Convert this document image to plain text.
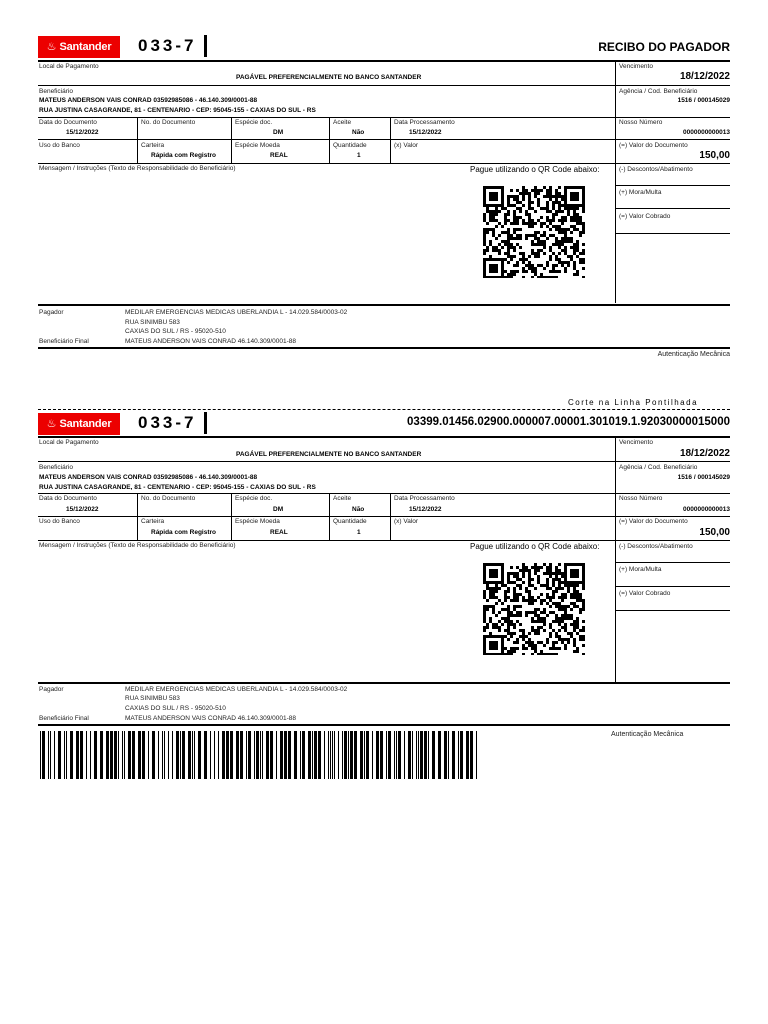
♨ Santander 033-7	RECIBO DO PAGADOR
Local de Pagamento
PAGÁVEL PREFERENCIALMENTE NO BANCO SANTANDER
Vencimento
18/12/2022
Beneficiário
MATEUS ANDERSON VAIS CONRAD 03592985086 - 46.140.309/0001-88
RUA JUSTINA CASAGRANDE, 81 - CENTENARIO - CEP: 95045-155 - CAXIAS DO SUL - RS
Agência / Cod. Beneficiário
1516 / 000145029
Data do Documento
15/12/2022
No. do Documento	Espécie doc.
DM
Aceite
Não
Data Processamento
15/12/2022
Nosso Número
0000000000013
Uso do Banco	Carteira
Rápida com Registro
Espécie Moeda
REAL
Quantidade
1
(x) Valor	(=) Valor do Documento
150,00
Mensagem / Instruções (Texto de Responsabilidade do Beneficiário)	Pague utilizando o QR Code abaixo:	(-) Descontos/Abatimento
(+) Mora/Multa
(=) Valor Cobrado
Pagador	MEDILAR EMERGENCIAS MEDICAS UBERLANDIA L - 14.029.584/0003-02
RUA SINIMBU 583
CAXIAS DO SUL / RS - 95020-510
Beneficiário Final	MATEUS ANDERSON VAIS CONRAD 46.140.309/0001-88
Autenticação Mecânica
Corte na Linha Pontilhada
♨ Santander 033-7	03399.01456.02900.000007.00001.301019.1.92030000015000
Local de Pagamento
PAGÁVEL PREFERENCIALMENTE NO BANCO SANTANDER
Vencimento
18/12/2022
Beneficiário
MATEUS ANDERSON VAIS CONRAD 03592985086 - 46.140.309/0001-88
RUA JUSTINA CASAGRANDE, 81 - CENTENARIO - CEP: 95045-155 - CAXIAS DO SUL - RS
Agência / Cod. Beneficiário
1516 / 000145029
Data do Documento
15/12/2022
No. do Documento	Espécie doc.
DM
Aceite
Não
Data Processamento
15/12/2022
Nosso Número
0000000000013
Uso do Banco	Carteira
Rápida com Registro
Espécie Moeda
REAL
Quantidade
1
(x) Valor	(=) Valor do Documento
150,00
Mensagem / Instruções (Texto de Responsabilidade do Beneficiário)	Pague utilizando o QR Code abaixo:	(-) Descontos/Abatimento
(+) Mora/Multa
(=) Valor Cobrado
Pagador	MEDILAR EMERGENCIAS MEDICAS UBERLANDIA L - 14.029.584/0003-02
RUA SINIMBU 583
CAXIAS DO SUL / RS - 95020-510
Beneficiário Final	MATEUS ANDERSON VAIS CONRAD 46.140.309/0001-88
Autenticação Mecânica
